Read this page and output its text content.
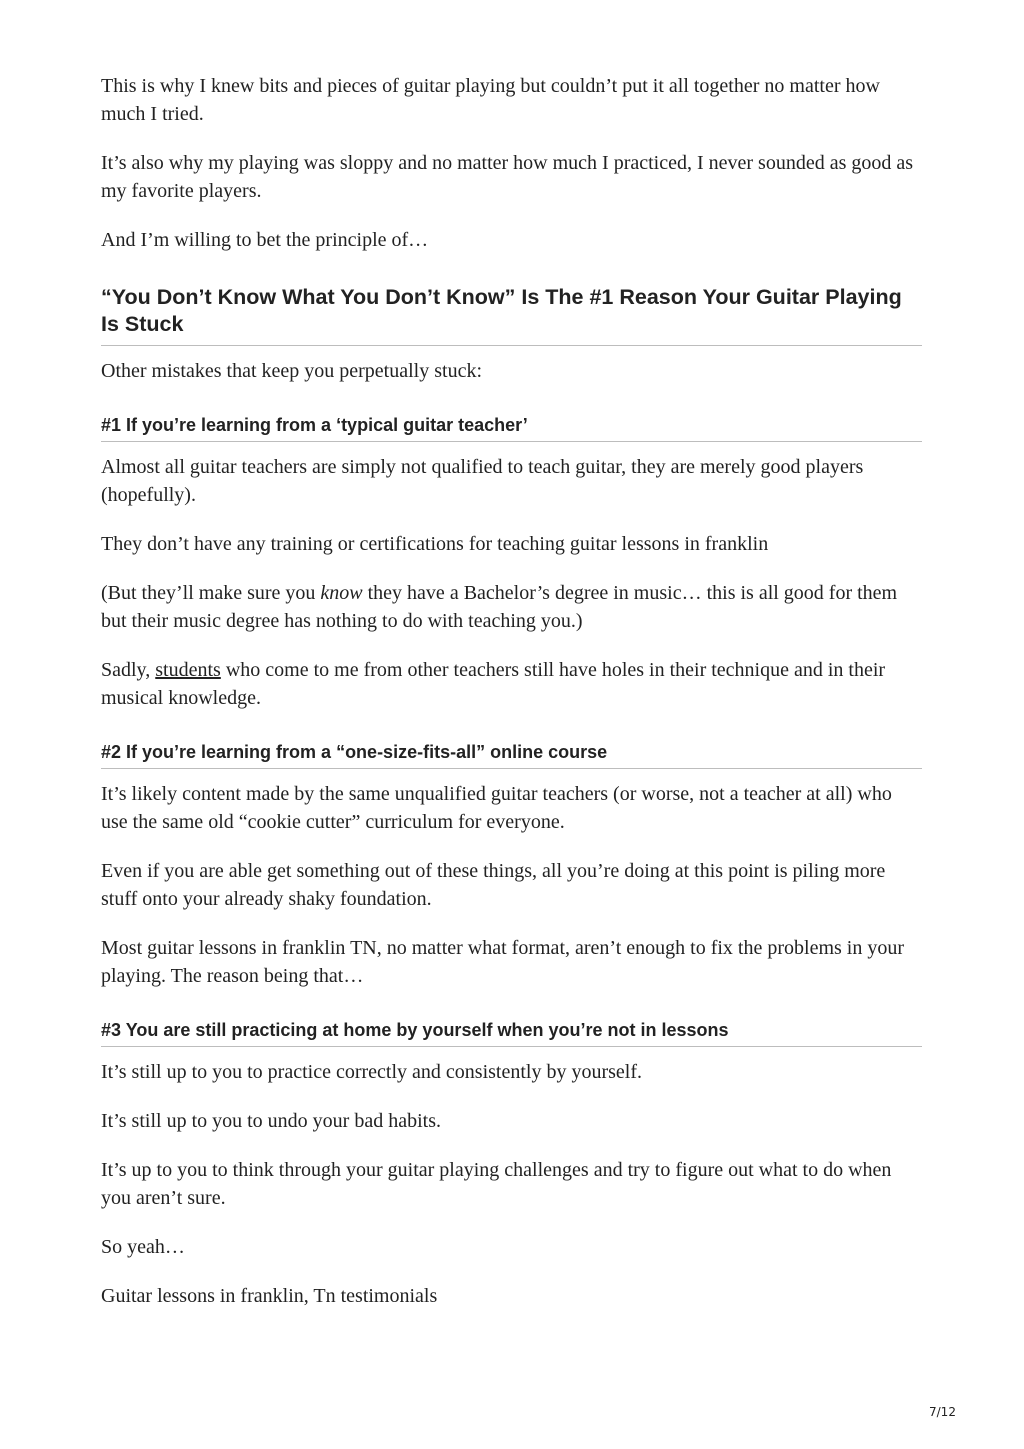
This is why I knew bits and pieces of guitar playing but couldn’t put it all together no matter how much I tried.

It’s also why my playing was sloppy and no matter how much I practiced, I never sounded as good as my favorite players.

And I’m willing to bet the principle of…

“You Don’t Know What You Don’t Know” Is The #1 Reason Your Guitar Playing Is Stuck

Other mistakes that keep you perpetually stuck:

#1 If you’re learning from a ‘typical guitar teacher’

Almost all guitar teachers are simply not qualified to teach guitar, they are merely good players (hopefully).

They don’t have any training or certifications for teaching guitar lessons in franklin

(But they’ll make sure you know they have a Bachelor’s degree in music… this is all good for them but their music degree has nothing to do with teaching you.)

Sadly, students who come to me from other teachers still have holes in their technique and in their musical knowledge.

#2 If you’re learning from a “one-size-fits-all” online course

It’s likely content made by the same unqualified guitar teachers (or worse, not a teacher at all) who use the same old “cookie cutter” curriculum for everyone.

Even if you are able get something out of these things, all you’re doing at this point is piling more stuff onto your already shaky foundation.

Most guitar lessons in franklin TN, no matter what format, aren’t enough to fix the problems in your playing. The reason being that…

#3 You are still practicing at home by yourself when you’re not in lessons

It’s still up to you to practice correctly and consistently by yourself.

It’s still up to you to undo your bad habits.

It’s up to you to think through your guitar playing challenges and try to figure out what to do when you aren’t sure.

So yeah…

Guitar lessons in franklin, Tn testimonials

7/12
